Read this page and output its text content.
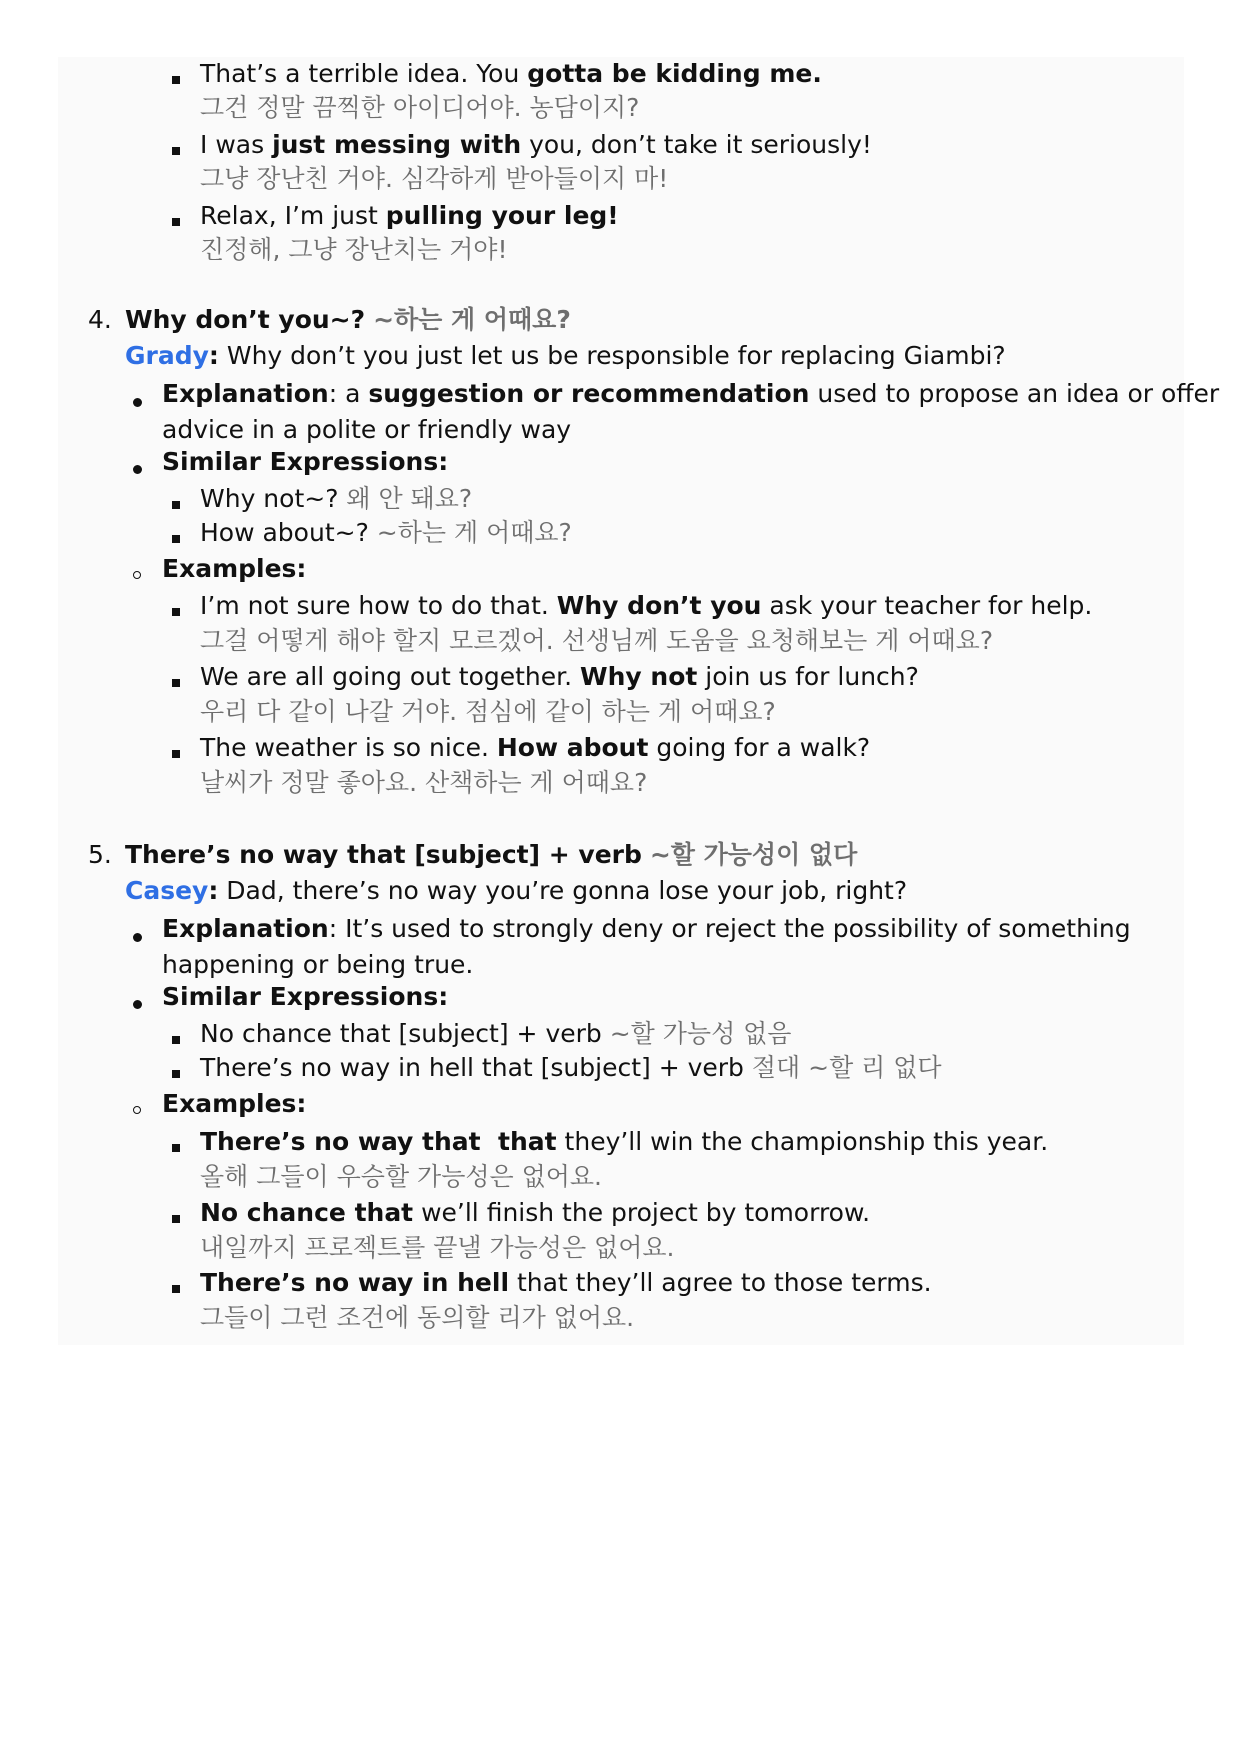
That’s a terrible idea. You gotta be kidding me.
그건 정말 끔찍한 아이디어야. 농담이지?
I was just messing with you, don’t take it seriously!
그냥 장난친 거야. 심각하게 받아들이지 마!
Relax, I’m just pulling your leg!
진정해, 그냥 장난치는 거야!
4. Why don’t you~? ~하는 게 어때요?
Grady: Why don’t you just let us be responsible for replacing Giambi?
Explanation: a suggestion or recommendation used to propose an idea or offer
advice in a polite or friendly way
Similar Expressions:
Why not~? 왜 안 돼요?
How about~? ~하는 게 어때요?
Examples:
I’m not sure how to do that. Why don’t you ask your teacher for help.
그걸 어떻게 해야 할지 모르겠어. 선생님께 도움을 요청해보는 게 어때요?
We are all going out together. Why not join us for lunch?
우리 다 같이 나갈 거야. 점심에 같이 하는 게 어때요?
The weather is so nice. How about going for a walk?
날씨가 정말 좋아요. 산책하는 게 어때요?
5. There’s no way that [subject] + verb ~할 가능성이 없다
Casey: Dad, there’s no way you’re gonna lose your job, right?
Explanation: It’s used to strongly deny or reject the possibility of something
happening or being true.
Similar Expressions:
No chance that [subject] + verb ~할 가능성 없음
There’s no way in hell that [subject] + verb 절대 ~할 리 없다
Examples:
There’s no way that  that they’ll win the championship this year.
올해 그들이 우승할 가능성은 없어요.
No chance that we’ll finish the project by tomorrow.
내일까지 프로젝트를 끝낼 가능성은 없어요.
There’s no way in hell that they’ll agree to those terms.
그들이 그런 조건에 동의할 리가 없어요.
